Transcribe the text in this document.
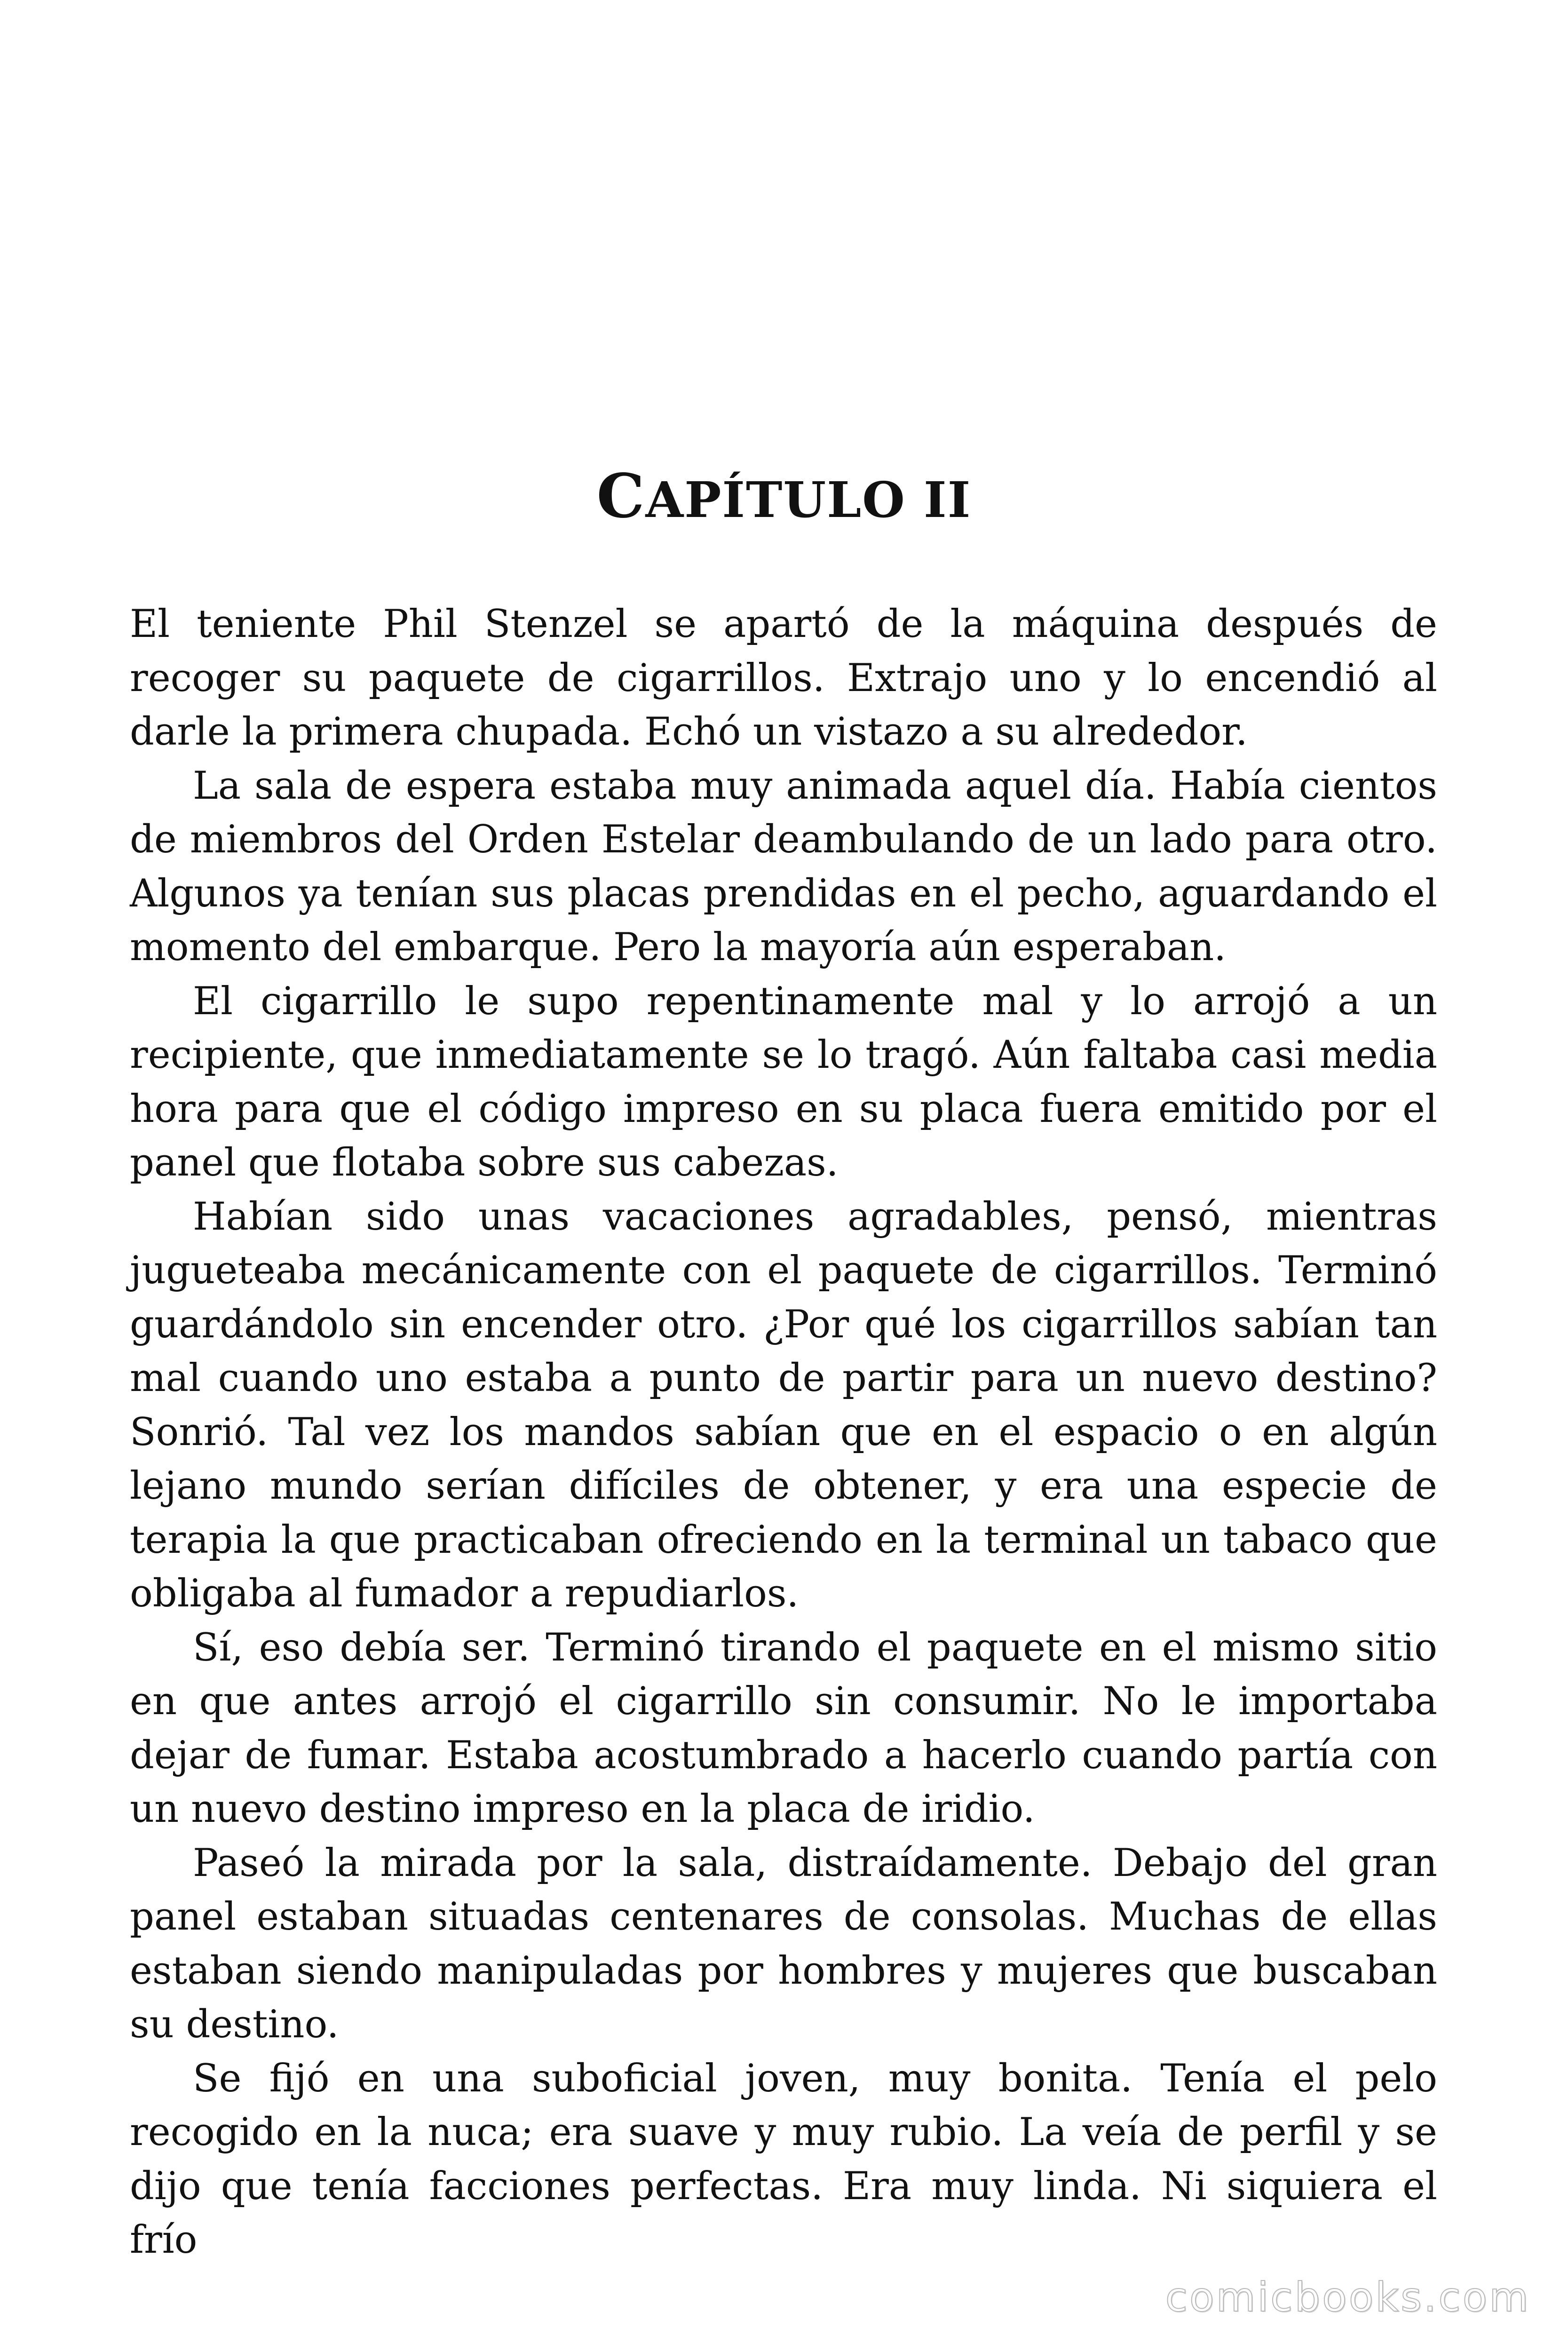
CAPÍTULO II

El teniente Phil Stenzel se apartó de la máquina después de recoger su paquete de cigarrillos. Extrajo uno y lo encendió al darle la primera chupada. Echó un vistazo a su alrededor.

La sala de espera estaba muy animada aquel día. Había cientos de miembros del Orden Estelar deambulando de un lado para otro. Algunos ya tenían sus placas prendidas en el pecho, aguardando el momento del embarque. Pero la mayoría aún esperaban.

El cigarrillo le supo repentinamente mal y lo arrojó a un recipiente, que inmediatamente se lo tragó. Aún faltaba casi media hora para que el código impreso en su placa fuera emitido por el panel que flotaba sobre sus cabezas.

Habían sido unas vacaciones agradables, pensó, mientras jugueteaba mecánicamente con el paquete de cigarrillos. Terminó guardándolo sin encender otro. ¿Por qué los cigarrillos sabían tan mal cuando uno estaba a punto de partir para un nuevo destino? Sonrió. Tal vez los mandos sabían que en el espacio o en algún lejano mundo serían difíciles de obtener, y era una especie de terapia la que practicaban ofreciendo en la terminal un tabaco que obligaba al fumador a repudiarlos.

Sí, eso debía ser. Terminó tirando el paquete en el mismo sitio en que antes arrojó el cigarrillo sin consumir. No le importaba dejar de fumar. Estaba acostumbrado a hacerlo cuando partía con un nuevo destino impreso en la placa de iridio.

Paseó la mirada por la sala, distraídamente. Debajo del gran panel estaban situadas centenares de consolas. Muchas de ellas estaban siendo manipuladas por hombres y mujeres que buscaban su destino.

Se fijó en una suboficial joven, muy bonita. Tenía el pelo recogido en la nuca; era suave y muy rubio. La veía de perfil y se dijo que tenía facciones perfectas. Era muy linda. Ni siquiera el frío

comicbooks.com
